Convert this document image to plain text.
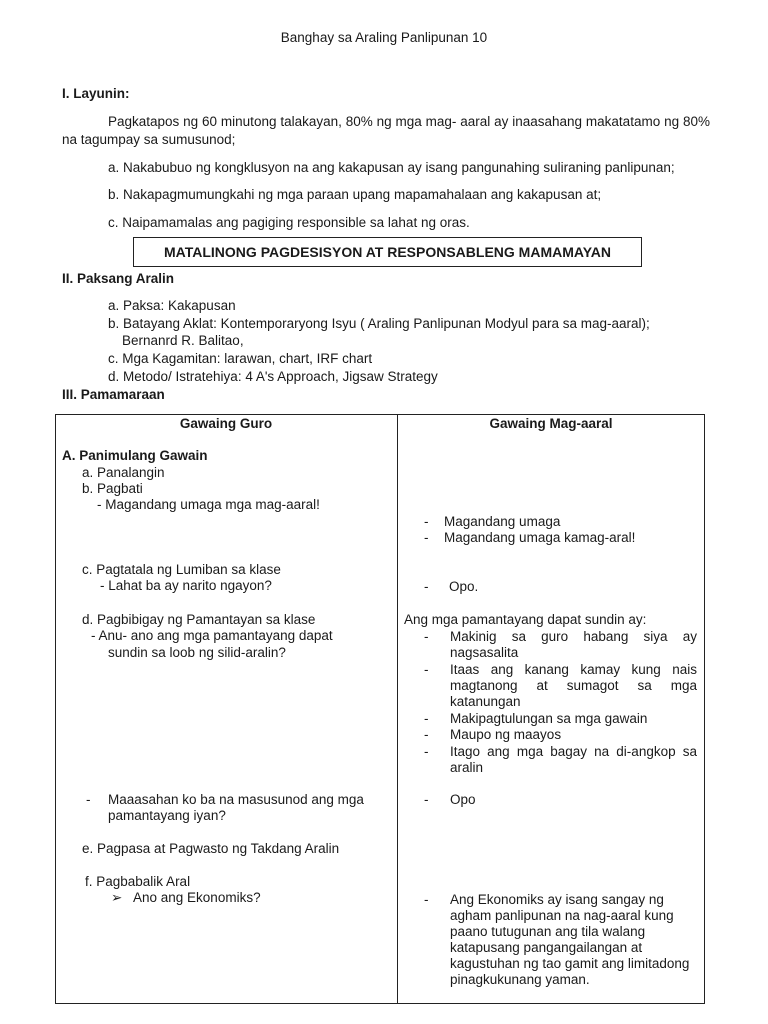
Banghay sa Araling Panlipunan 10
I. Layunin:
Pagkatapos ng 60 minutong talakayan, 80% ng mga mag- aaral ay inaasahang makatatamo ng 80% na tagumpay sa sumusunod;
a. Nakabubuo ng kongklusyon na ang kakapusan ay isang pangunahing suliraning panlipunan;
b. Nakapagmumungkahi ng mga paraan upang mapamahalaan ang kakapusan at;
c. Naipamamalas ang pagiging responsible sa lahat ng oras.
MATALINONG PAGDESISYON AT RESPONSABLENG MAMAMAYAN
II. Paksang Aralin
a. Paksa: Kakapusan
b. Batayang Aklat: Kontemporaryong Isyu ( Araling Panlipunan Modyul para sa mag-aaral);
Bernanrd R. Balitao,
c. Mga Kagamitan: larawan, chart, IRF chart
d. Metodo/ Istratehiya: 4 A's Approach, Jigsaw Strategy
III. Pamamaraan
Gawaing Guro	Gawaing Mag-aaral
A. Panimulang Gawain
a. Panalangin
b. Pagbati
- Magandang umaga mga mag-aaral!
c. Pagtatala ng Lumiban sa klase
- Lahat ba ay narito ngayon?
d. Pagbibigay ng Pamantayan sa klase
- Anu- ano ang mga pamantayang dapat
sundin sa loob ng silid-aralin?
- Maaasahan ko ba na masusunod ang mga
pamantayang iyan?
e. Pagpasa at Pagwasto ng Takdang Aralin
f. Pagbabalik Aral
➢ Ano ang Ekonomiks?
- Magandang umaga
- Magandang umaga kamag-aral!
- Opo.
Ang mga pamantayang dapat sundin ay:
- Makinig sa guro habang siya ay nagsasalita
- Itaas ang kanang kamay kung nais magtanong at sumagot sa mga katanungan
- Makipagtulungan sa mga gawain
- Maupo ng maayos
- Itago ang mga bagay na di-angkop sa aralin
- Opo
- Ang Ekonomiks ay isang sangay ng agham panlipunan na nag-aaral kung paano tutugunan ang tila walang katapusang pangangailangan at kagustuhan ng tao gamit ang limitadong pinagkukunang yaman.
